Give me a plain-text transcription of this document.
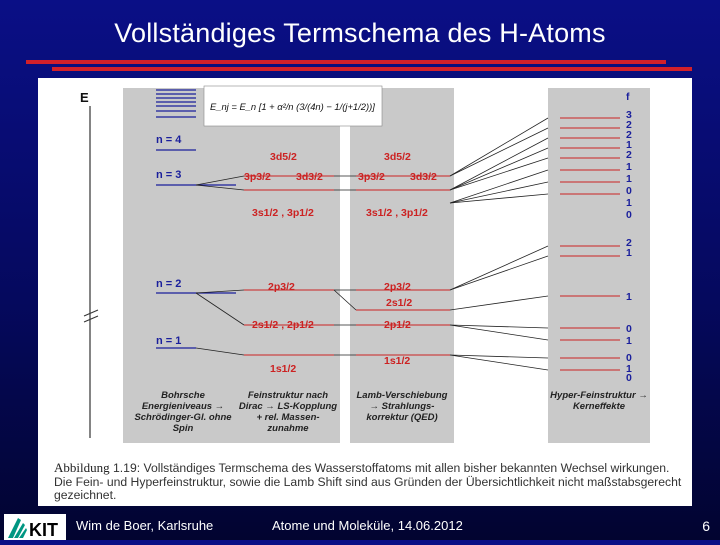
Vollständiges Termschema des H-Atoms
E
n = 4
n = 3
n = 2
n = 1
E_nj = E_n [1 + α²/n (3/(4n) − 1/(j+1/2))]
3d5/2
3p3/2 3d3/2
3s1/2 , 3p1/2
2p3/2
2s1/2 , 2p1/2
1s1/2
3d5/2
3p3/2 3d3/2
3s1/2 , 3p1/2
2p3/2
2s1/2
2p1/2
1s1/2
f
3
2
2
1
2
1
1
0
1
0
2
1
1
0
1
0
1
0
Bohrsche Energieniveaus → Schrödinger-Gl. ohne Spin
Feinstruktur nach Dirac → LS-Kopplung + rel. Massen-zunahme
Lamb-Verschiebung → Strahlungs-korrektur (QED)
Hyper-Feinstruktur → Kerneffekte
Abbildung 1.19: Vollständiges Termschema des Wasserstoffatoms mit allen bisher bekannten Wechsel wirkungen. Die Fein- und Hyperfeinstruktur, sowie die Lamb Shift sind aus Gründen der Übersichtlichkeit nicht maßstabsgerecht gezeichnet.
KIT Wim de Boer, Karlsruhe	Atome und Moleküle, 14.06.2012	6
